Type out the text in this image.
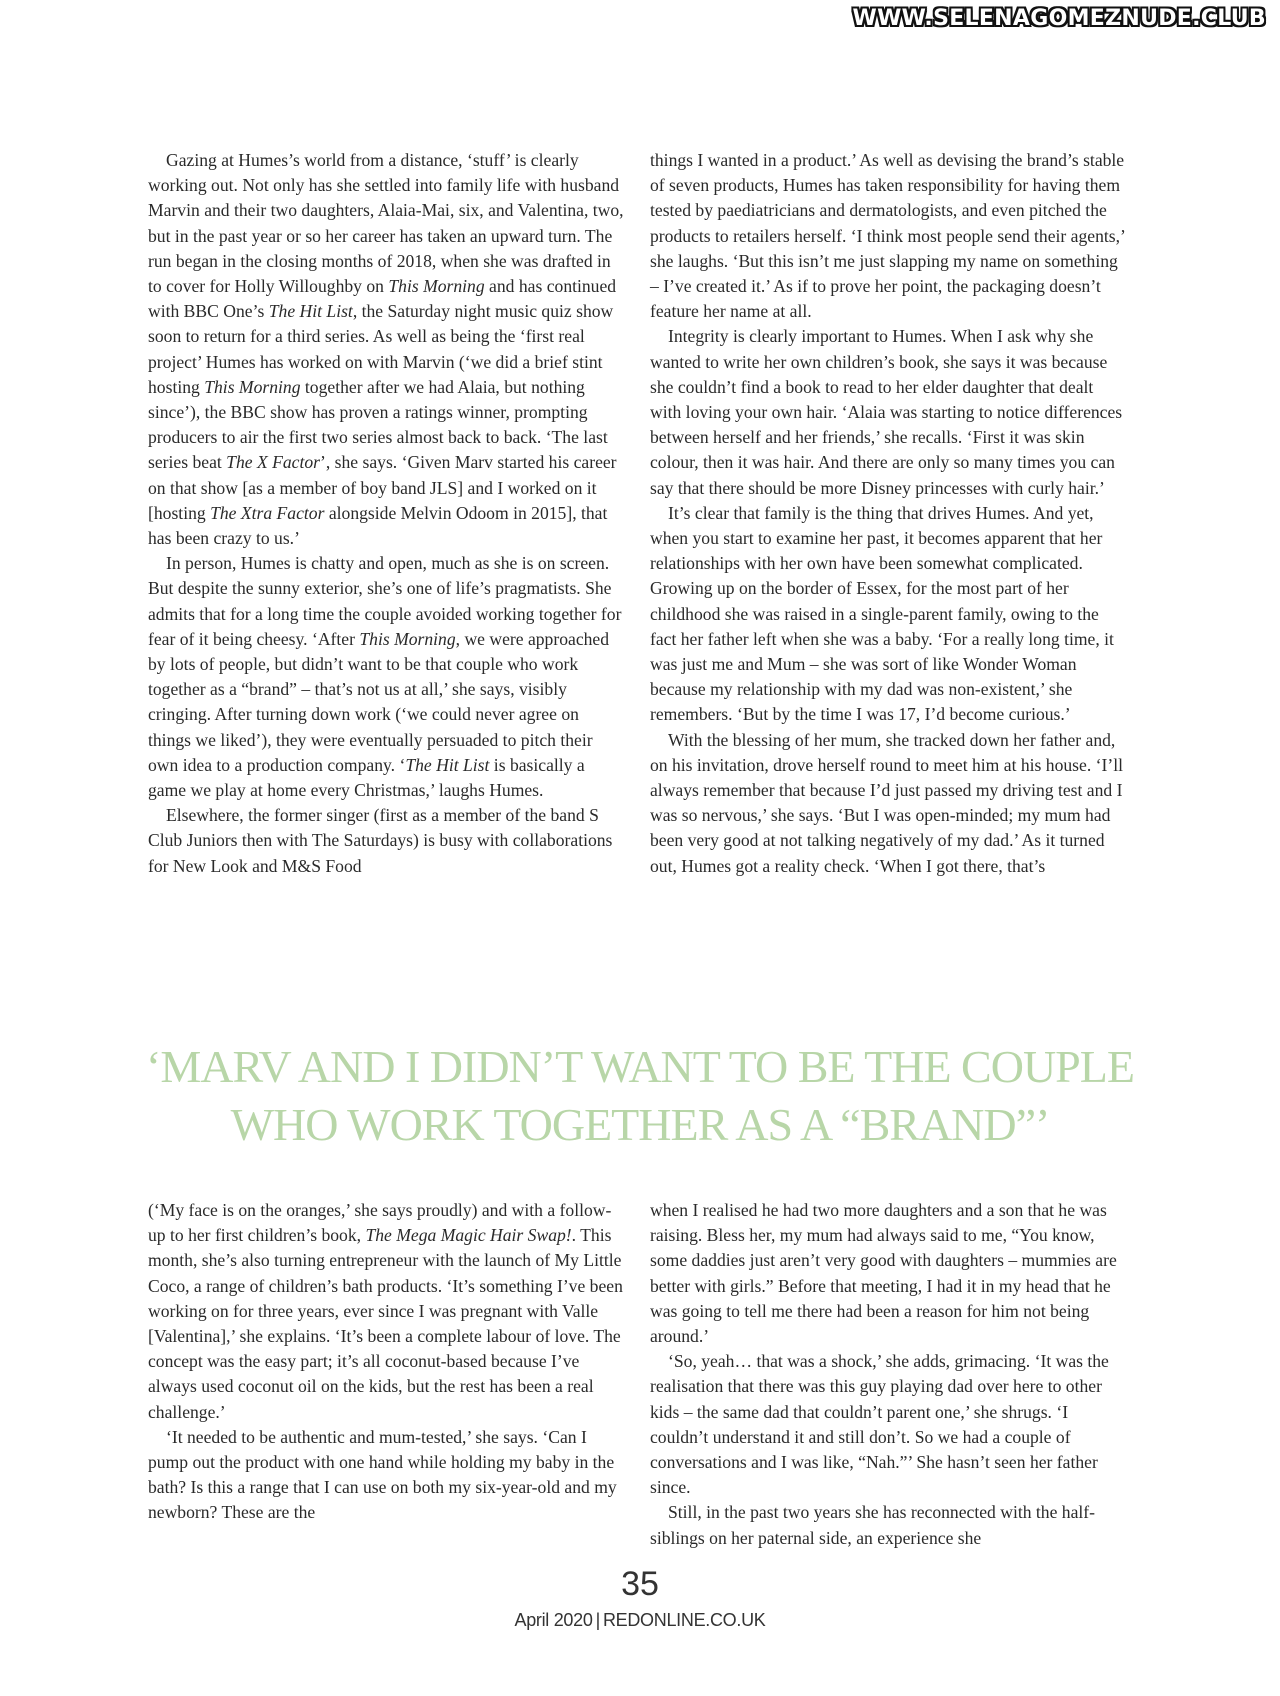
WWW.SELENAGOMEZNUDE.CLUB

Gazing at Humes’s world from a distance, ‘stuff’ is clearly working out. Not only has she settled into family life with husband Marvin and their two daughters, Alaia-Mai, six, and Valentina, two, but in the past year or so her career has taken an upward turn. The run began in the closing months of 2018, when she was drafted in to cover for Holly Willoughby on This Morning and has continued with BBC One’s The Hit List, the Saturday night music quiz show soon to return for a third series. As well as being the ‘first real project’ Humes has worked on with Marvin (‘we did a brief stint hosting This Morning together after we had Alaia, but nothing since’), the BBC show has proven a ratings winner, prompting producers to air the first two series almost back to back. ‘The last series beat The X Factor’, she says. ‘Given Marv started his career on that show [as a member of boy band JLS] and I worked on it [hosting The Xtra Factor alongside Melvin Odoom in 2015], that has been crazy to us.’

In person, Humes is chatty and open, much as she is on screen. But despite the sunny exterior, she’s one of life’s pragmatists. She admits that for a long time the couple avoided working together for fear of it being cheesy. ‘After This Morning, we were approached by lots of people, but didn’t want to be that couple who work together as a “brand” – that’s not us at all,’ she says, visibly cringing. After turning down work (‘we could never agree on things we liked’), they were eventually persuaded to pitch their own idea to a production company. ‘The Hit List is basically a game we play at home every Christmas,’ laughs Humes.

Elsewhere, the former singer (first as a member of the band S Club Juniors then with The Saturdays) is busy with collaborations for New Look and M&S Food

things I wanted in a product.’ As well as devising the brand’s stable of seven products, Humes has taken responsibility for having them tested by paediatricians and dermatologists, and even pitched the products to retailers herself. ‘I think most people send their agents,’ she laughs. ‘But this isn’t me just slapping my name on something – I’ve created it.’ As if to prove her point, the packaging doesn’t feature her name at all.

Integrity is clearly important to Humes. When I ask why she wanted to write her own children’s book, she says it was because she couldn’t find a book to read to her elder daughter that dealt with loving your own hair. ‘Alaia was starting to notice differences between herself and her friends,’ she recalls. ‘First it was skin colour, then it was hair. And there are only so many times you can say that there should be more Disney princesses with curly hair.’

It’s clear that family is the thing that drives Humes. And yet, when you start to examine her past, it becomes apparent that her relationships with her own have been somewhat complicated. Growing up on the border of Essex, for the most part of her childhood she was raised in a single-parent family, owing to the fact her father left when she was a baby. ‘For a really long time, it was just me and Mum – she was sort of like Wonder Woman because my relationship with my dad was non-existent,’ she remembers. ‘But by the time I was 17, I’d become curious.’

With the blessing of her mum, she tracked down her father and, on his invitation, drove herself round to meet him at his house. ‘I’ll always remember that because I’d just passed my driving test and I was so nervous,’ she says. ‘But I was open-minded; my mum had been very good at not talking negatively of my dad.’ As it turned out, Humes got a reality check. ‘When I got there, that’s

‘MARV AND I DIDN’T WANT TO BE THE COUPLE
WHO WORK TOGETHER AS A “BRAND”’

(‘My face is on the oranges,’ she says proudly) and with a follow-up to her first children’s book, The Mega Magic Hair Swap!. This month, she’s also turning entrepreneur with the launch of My Little Coco, a range of children’s bath products. ‘It’s something I’ve been working on for three years, ever since I was pregnant with Valle [Valentina],’ she explains. ‘It’s been a complete labour of love. The concept was the easy part; it’s all coconut-based because I’ve always used coconut oil on the kids, but the rest has been a real challenge.’

‘It needed to be authentic and mum-tested,’ she says. ‘Can I pump out the product with one hand while holding my baby in the bath? Is this a range that I can use on both my six-year-old and my newborn? These are the

when I realised he had two more daughters and a son that he was raising. Bless her, my mum had always said to me, “You know, some daddies just aren’t very good with daughters – mummies are better with girls.” Before that meeting, I had it in my head that he was going to tell me there had been a reason for him not being around.’

‘So, yeah… that was a shock,’ she adds, grimacing. ‘It was the realisation that there was this guy playing dad over here to other kids – the same dad that couldn’t parent one,’ she shrugs. ‘I couldn’t understand it and still don’t. So we had a couple of conversations and I was like, “Nah.”’ She hasn’t seen her father since.

Still, in the past two years she has reconnected with the half-siblings on her paternal side, an experience she

35
April 2020 | REDONLINE.CO.UK
